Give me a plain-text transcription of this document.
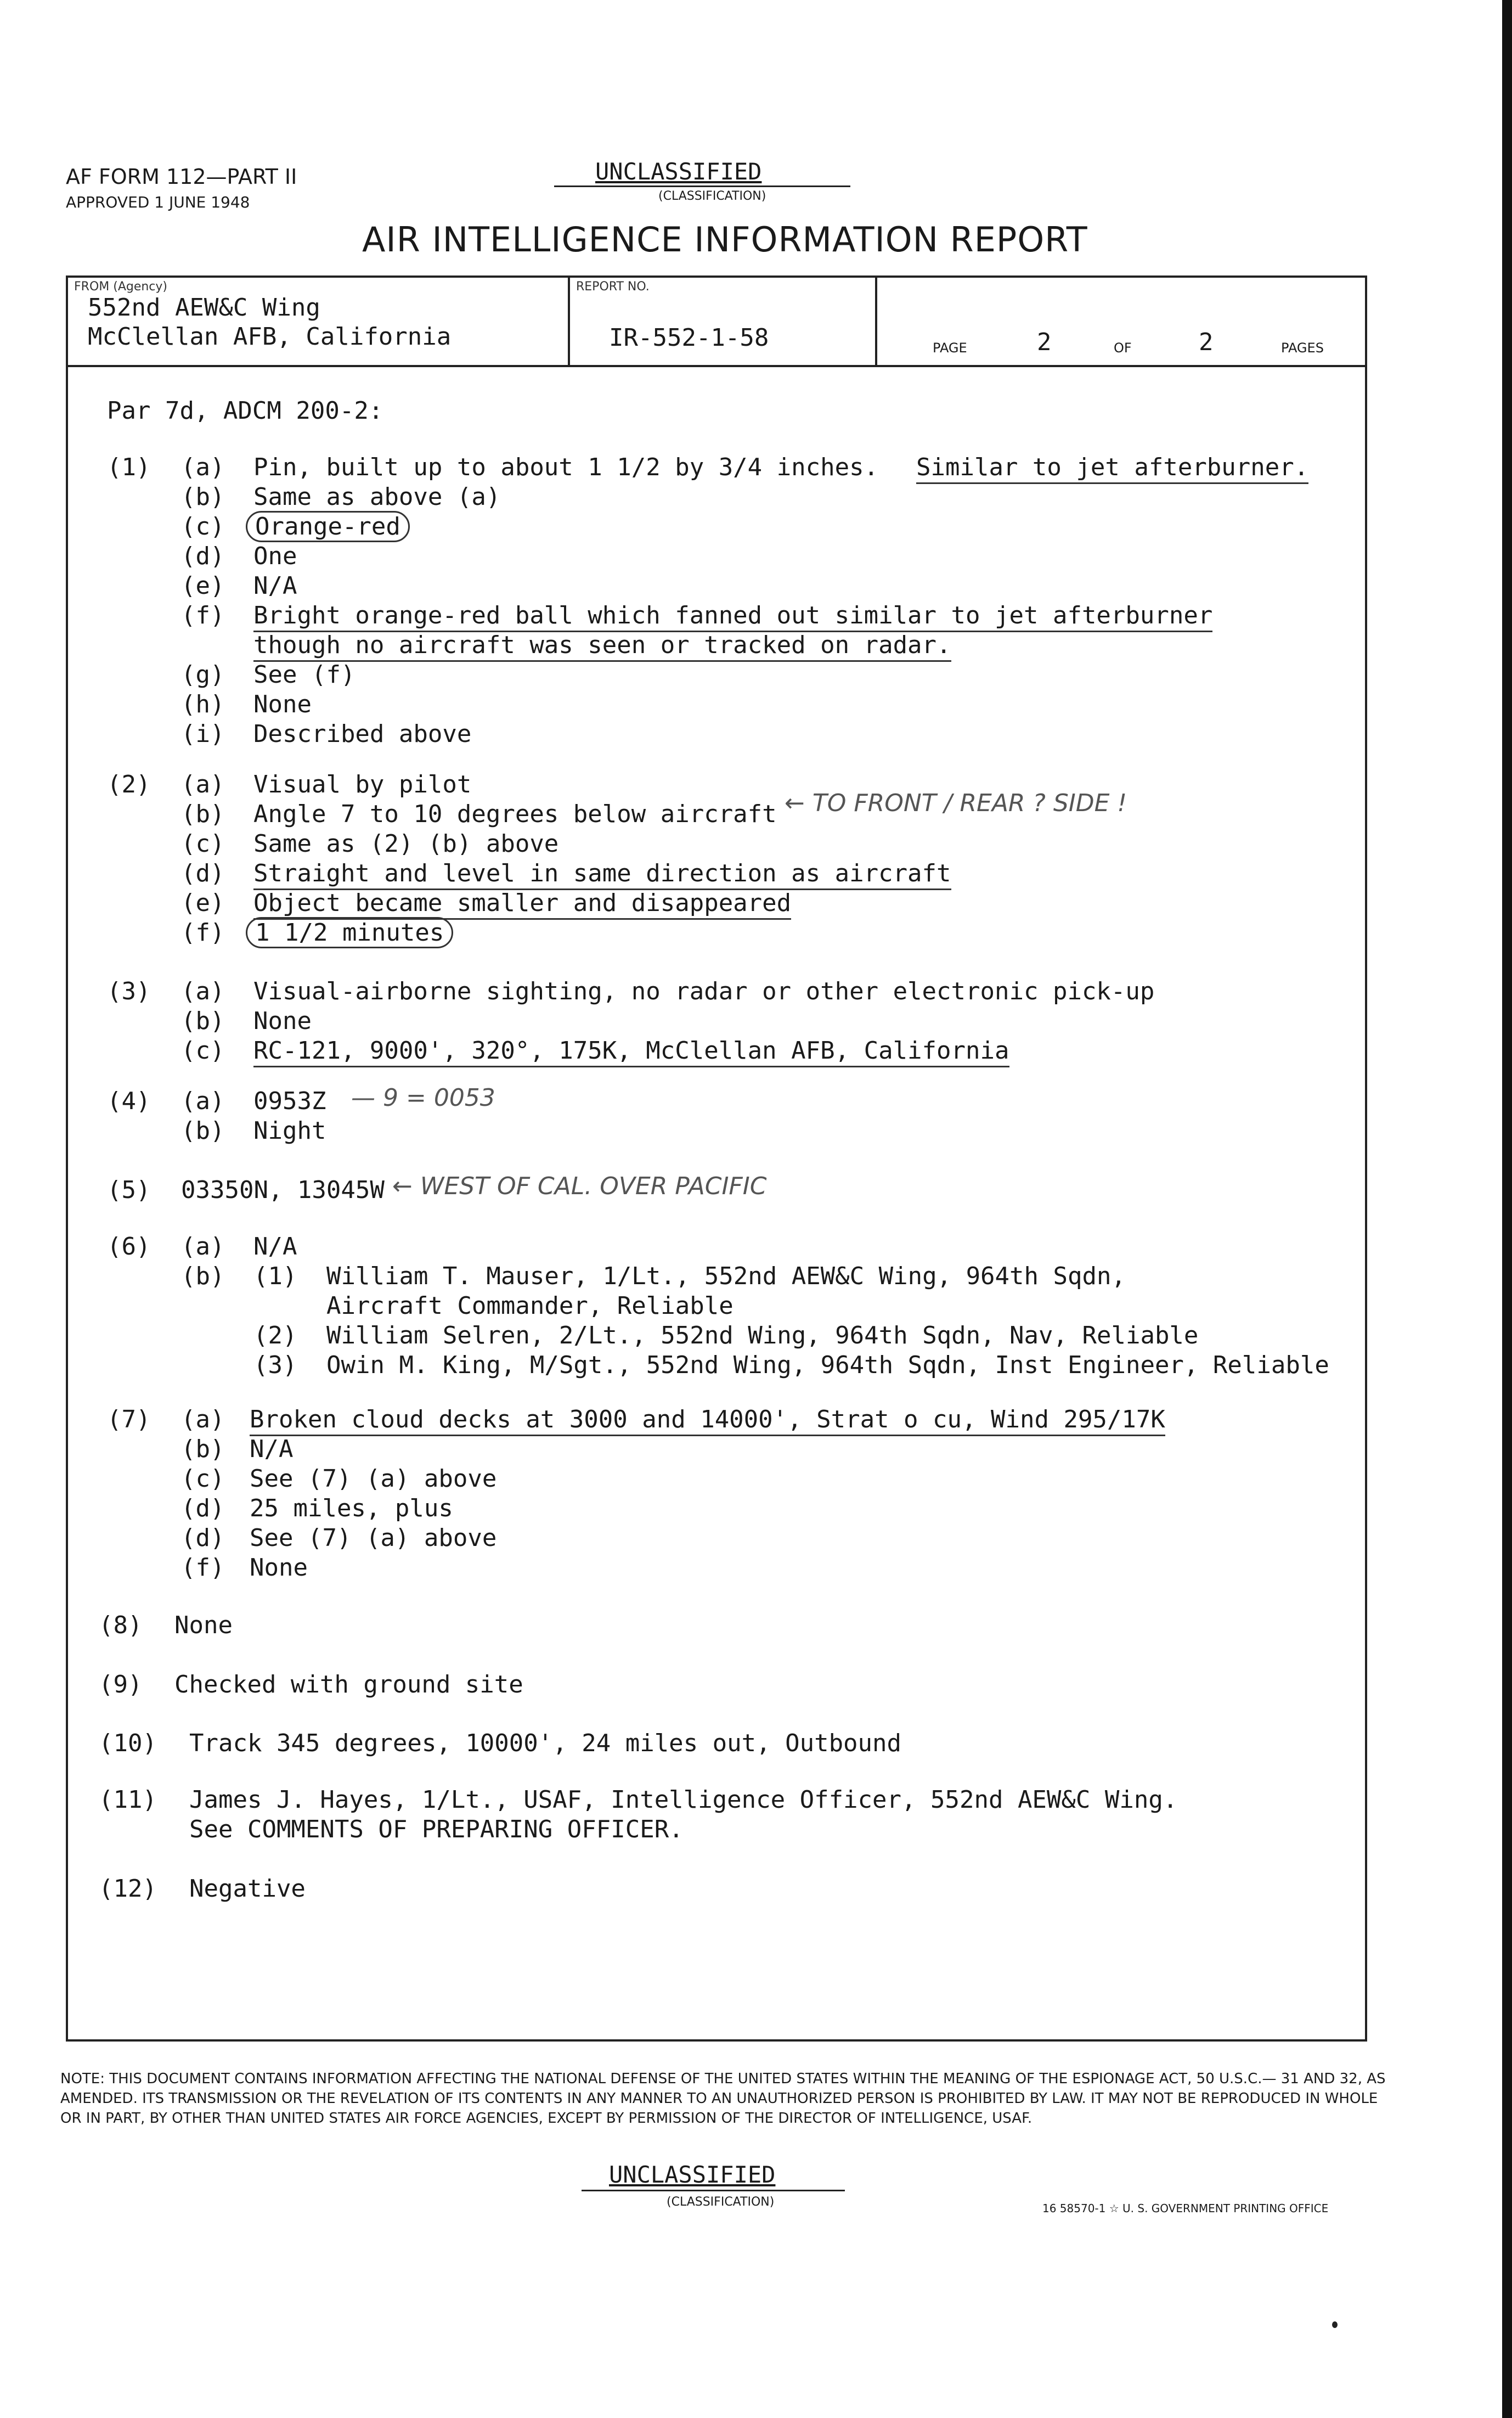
AF FORM 112—PART II
APPROVED 1 JUNE 1948
UNCLASSIFIED
(CLASSIFICATION)
AIR INTELLIGENCE INFORMATION REPORT
FROM (Agency)
552nd AEW&C Wing
McClellan AFB, California
REPORT NO.
IR-552-1-58	PAGE	2	OF	2	PAGES
Par 7d, ADCM 200-2:
(1) (a) Pin, built up to about 1 1/2 by 3/4 inches. Similar to jet afterburner.
(b) Same as above (a)
(c)	Orange-red
(d) One
(e) N/A
(f) Bright orange-red ball which fanned out similar to jet afterburner
though no aircraft was seen or tracked on radar.
(g) See (f)
(h) None
(i) Described above
(2) (a) Visual by pilot
(b) Angle 7 to 10 degrees below aircraft ← TO FRONT / REAR ? SIDE !
(c) Same as (2) (b) above
(d) Straight and level in same direction as aircraft
(e) Object became smaller and disappeared
(f)	1 1/2 minutes
(3) (a) Visual-airborne sighting, no radar or other electronic pick-up
(b) None
(c) RC-121, 9000', 320°, 175K, McClellan AFB, California
(4) (a) 0953Z — 9 = 0053
(b) Night
(5) 03350N, 13045W ← WEST OF CAL. OVER PACIFIC
(6) (a) N/A
(b) (1) William T. Mauser, 1/Lt., 552nd AEW&C Wing, 964th Sqdn,
Aircraft Commander, Reliable
(2) William Selren, 2/Lt., 552nd Wing, 964th Sqdn, Nav, Reliable
(3) Owin M. King, M/Sgt., 552nd Wing, 964th Sqdn, Inst Engineer, Reliable
(7) (a) Broken cloud decks at 3000 and 14000', Strat o cu, Wind 295/17K
(b) N/A
(c) See (7) (a) above
(d) 25 miles, plus
(d) See (7) (a) above
(f) None
(8) None
(9) Checked with ground site
(10) Track 345 degrees, 10000', 24 miles out, Outbound
(11) James J. Hayes, 1/Lt., USAF, Intelligence Officer, 552nd AEW&C Wing.
See COMMENTS OF PREPARING OFFICER.
(12) Negative
NOTE: THIS DOCUMENT CONTAINS INFORMATION AFFECTING THE NATIONAL DEFENSE OF THE UNITED STATES WITHIN THE MEANING OF THE ESPIONAGE ACT, 50 U.S.C.— 31 AND 32, AS AMENDED. ITS TRANSMISSION OR THE REVELATION OF ITS CONTENTS IN ANY MANNER TO AN UNAUTHORIZED PERSON IS PROHIBITED BY LAW. IT MAY NOT BE REPRODUCED IN WHOLE OR IN PART, BY OTHER THAN UNITED STATES AIR FORCE AGENCIES, EXCEPT BY PERMISSION OF THE DIRECTOR OF INTELLIGENCE, USAF.
UNCLASSIFIED
(CLASSIFICATION)	16 58570-1 ☆ U. S. GOVERNMENT PRINTING OFFICE
